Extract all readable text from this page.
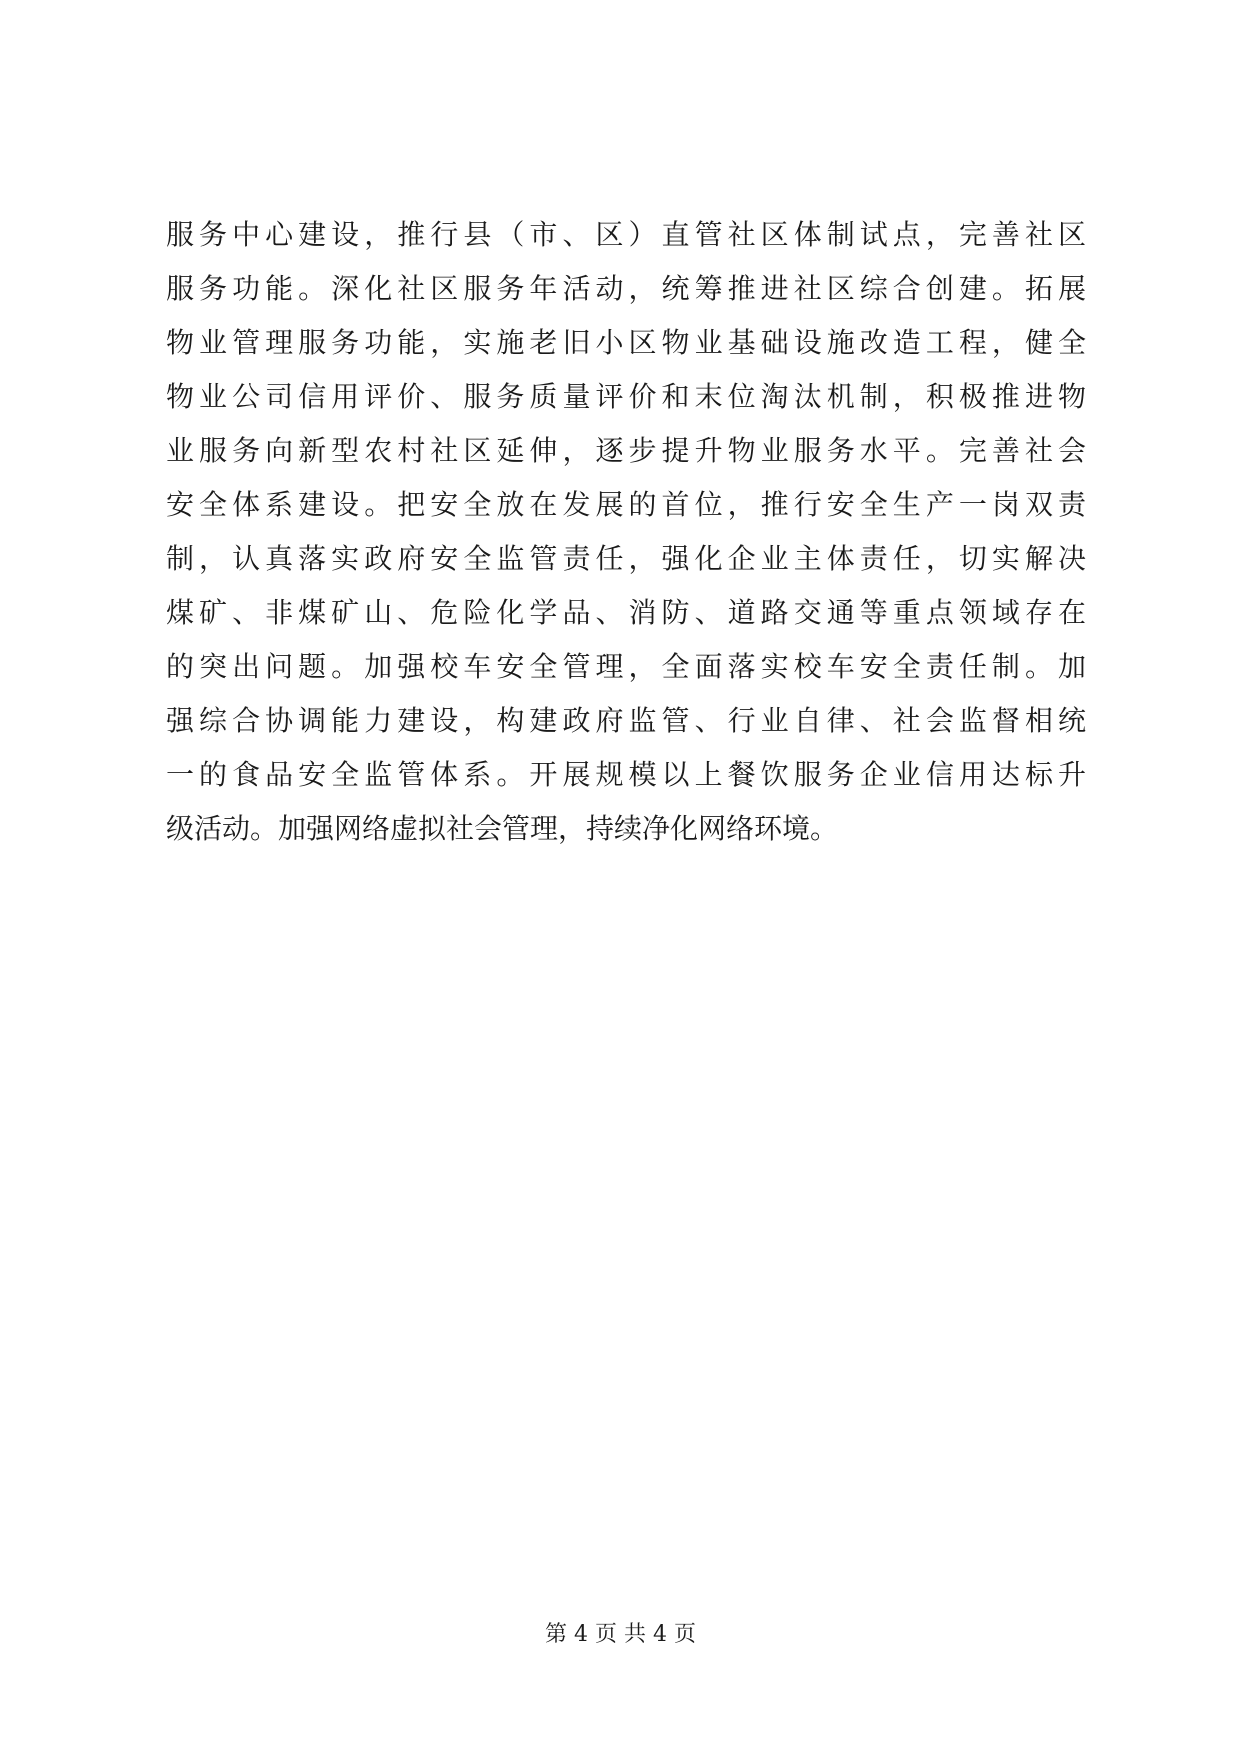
服务中心建设，推行县（市、区）直管社区体制试点，完善社区
服务功能。深化社区服务年活动，统筹推进社区综合创建。拓展
物业管理服务功能，实施老旧小区物业基础设施改造工程，健全
物业公司信用评价、服务质量评价和末位淘汰机制，积极推进物
业服务向新型农村社区延伸，逐步提升物业服务水平。完善社会
安全体系建设。把安全放在发展的首位，推行安全生产一岗双责
制，认真落实政府安全监管责任，强化企业主体责任，切实解决
煤矿、非煤矿山、危险化学品、消防、道路交通等重点领域存在
的突出问题。加强校车安全管理，全面落实校车安全责任制。加
强综合协调能力建设，构建政府监管、行业自律、社会监督相统
一的食品安全监管体系。开展规模以上餐饮服务企业信用达标升
级活动。加强网络虚拟社会管理，持续净化网络环境。
第 4 页 共 4 页
